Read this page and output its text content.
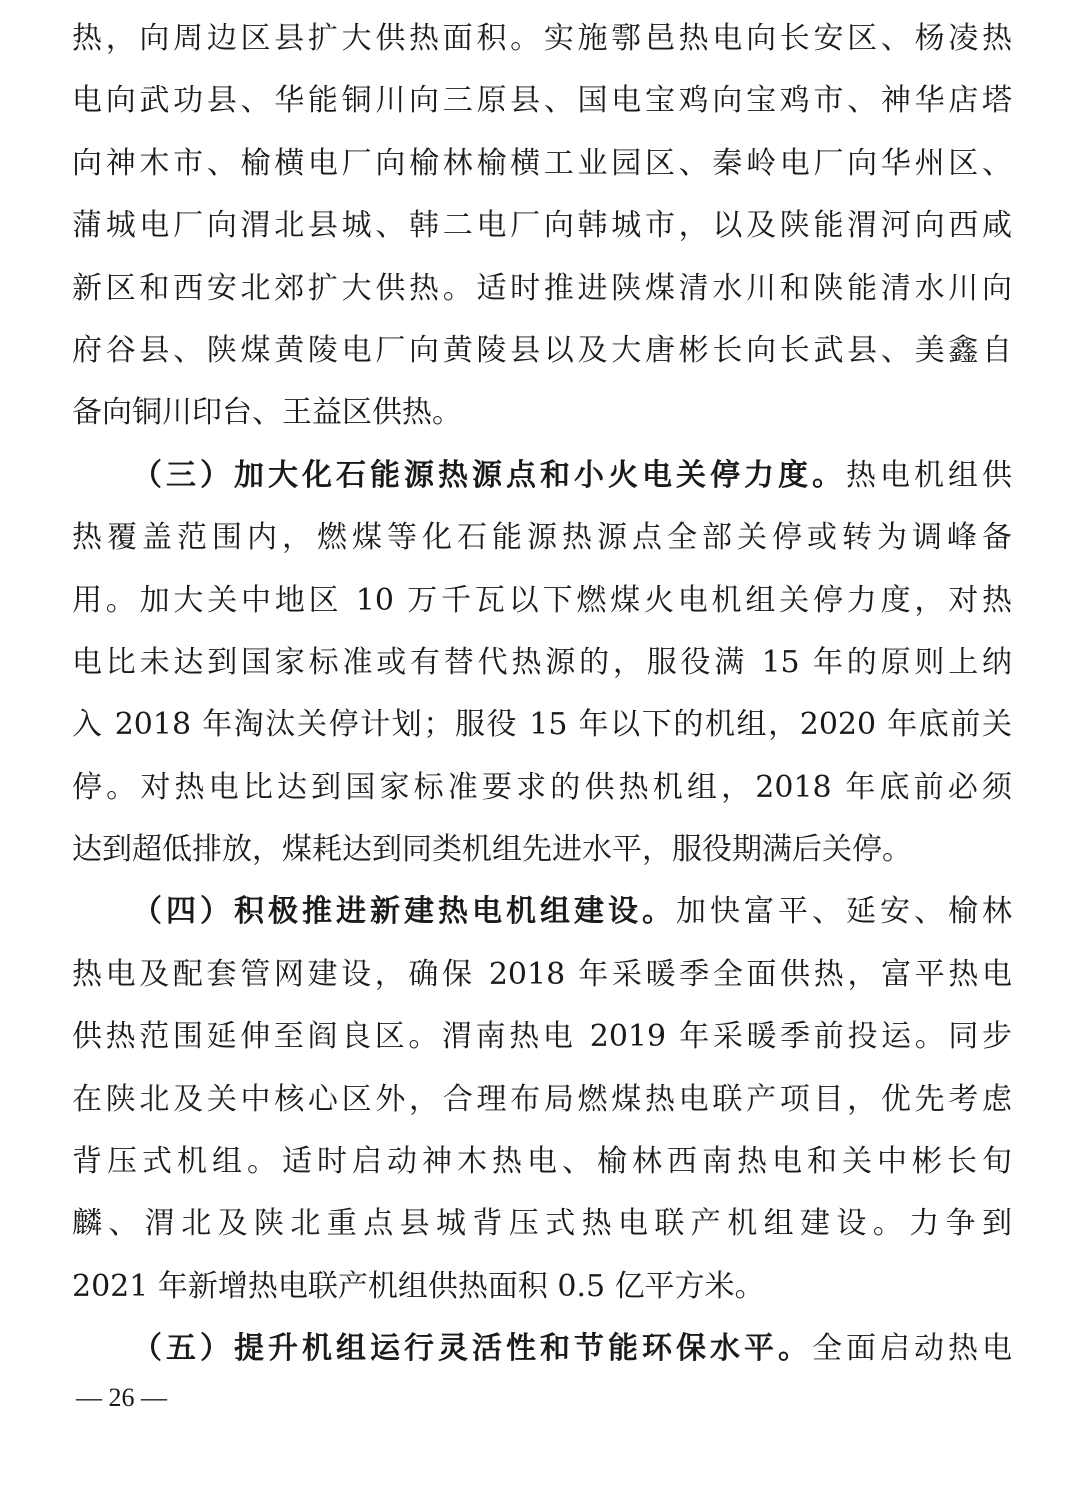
热，向周边区县扩大供热面积。实施鄠邑热电向长安区、杨凌热
电向武功县、华能铜川向三原县、国电宝鸡向宝鸡市、神华店塔
向神木市、榆横电厂向榆林榆横工业园区、秦岭电厂向华州区、
蒲城电厂向渭北县城、韩二电厂向韩城市，以及陕能渭河向西咸
新区和西安北郊扩大供热。适时推进陕煤清水川和陕能清水川向
府谷县、陕煤黄陵电厂向黄陵县以及大唐彬长向长武县、美鑫自
备向铜川印台、王益区供热。
（三）加大化石能源热源点和小火电关停力度。热电机组供
热覆盖范围内，燃煤等化石能源热源点全部关停或转为调峰备
用。加大关中地区 10 万千瓦以下燃煤火电机组关停力度，对热
电比未达到国家标准或有替代热源的，服役满 15 年的原则上纳
入 2018 年淘汰关停计划；服役 15 年以下的机组，2020 年底前关
停。对热电比达到国家标准要求的供热机组，2018 年底前必须
达到超低排放，煤耗达到同类机组先进水平，服役期满后关停。
（四）积极推进新建热电机组建设。加快富平、延安、榆林
热电及配套管网建设，确保 2018 年采暖季全面供热，富平热电
供热范围延伸至阎良区。渭南热电 2019 年采暖季前投运。同步
在陕北及关中核心区外，合理布局燃煤热电联产项目，优先考虑
背压式机组。适时启动神木热电、榆林西南热电和关中彬长旬
麟、渭北及陕北重点县城背压式热电联产机组建设。力争到
2021 年新增热电联产机组供热面积 0.5 亿平方米。
（五）提升机组运行灵活性和节能环保水平。全面启动热电
— 26 —
